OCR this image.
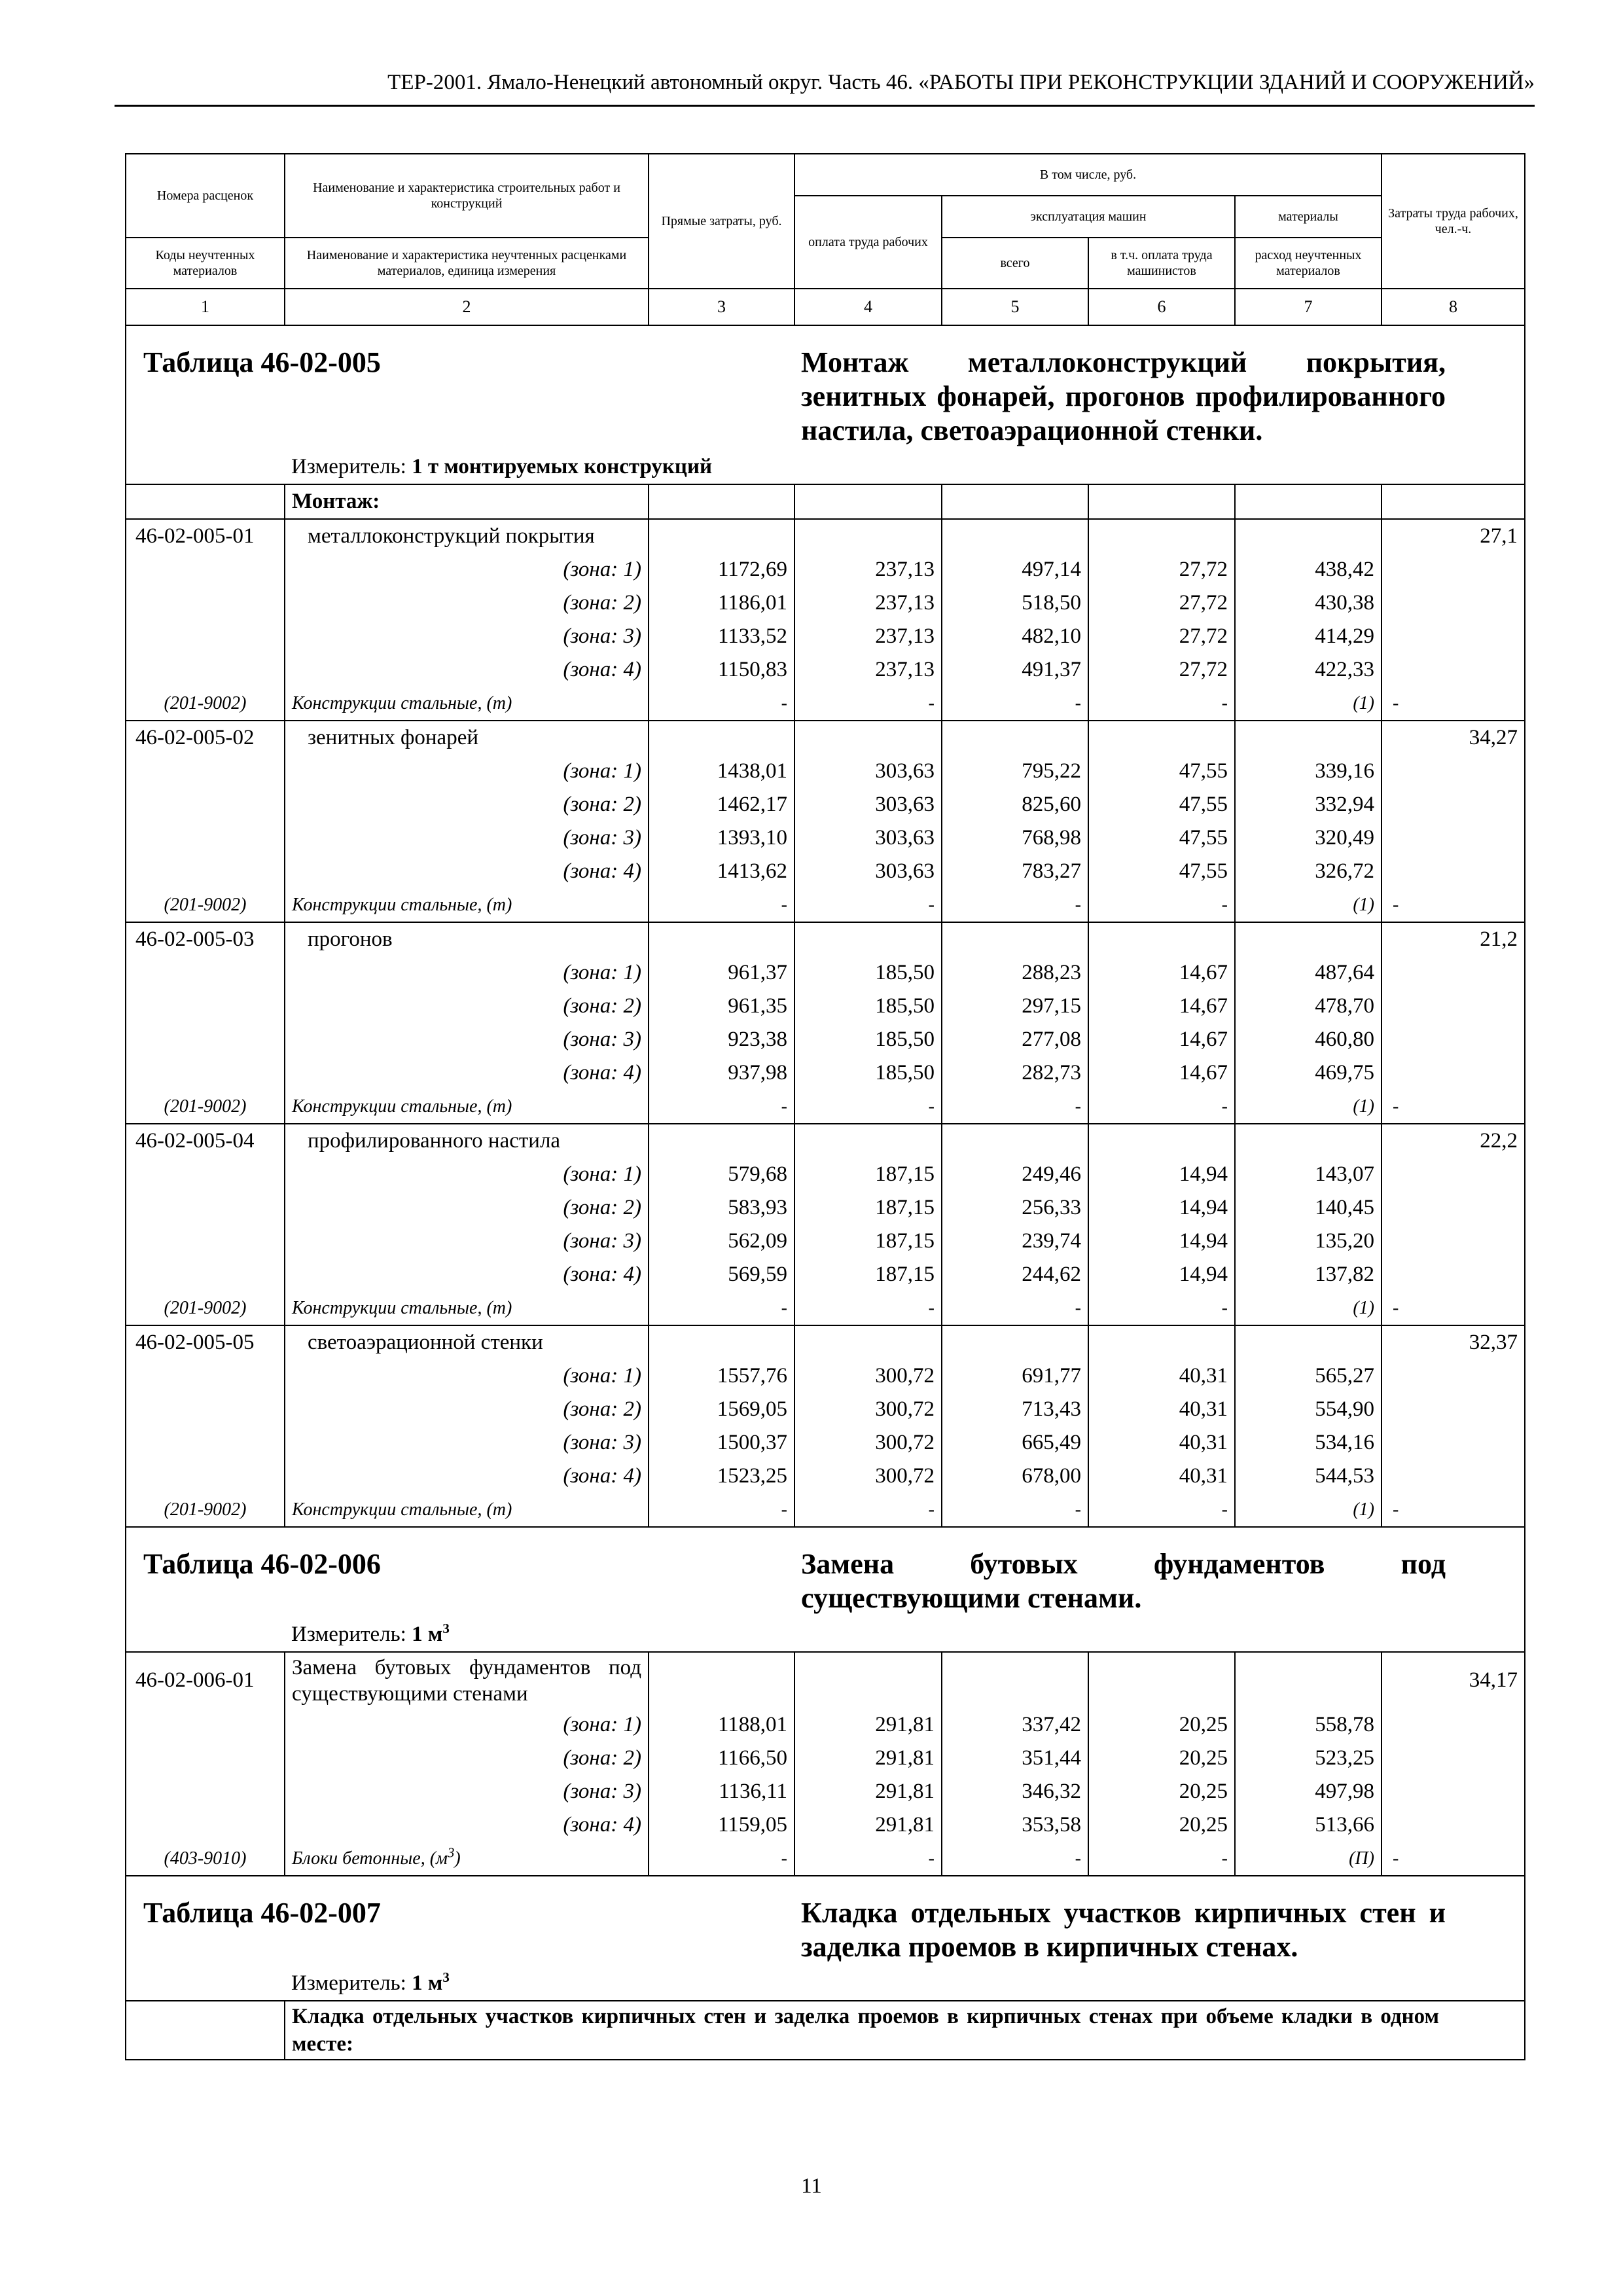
ТЕР-2001. Ямало-Ненецкий автономный округ. Часть 46. «РАБОТЫ ПРИ РЕКОНСТРУКЦИИ ЗДАНИЙ И СООРУЖЕНИЙ»
Номера расценок	Наименование и характеристика строительных работ и конструкций	Прямые затраты, руб.	В том числе, руб.				Затраты труда рабочих, чел.-ч.
			оплата труда рабочих	эксплуатация машин		материалы	
Коды неучтенных материалов	Наименование и характеристика неучтенных расценками материалов, единица измерения			всего	в т.ч. оплата труда машинистов	расход неучтенных материалов	
1	2	3	4	5	6	7	8
Таблица 46-02-005			Монтаж металлоконструкций покрытия, зенитных фонарей, прогонов профилированного настила, светоаэрационной стенки.				
	Измеритель: 1 т монтируемых конструкций						
	Монтаж:						
46-02-005-01	металлоконструкций покрытия						27,1
	(зона: 1)	1172,69	237,13	497,14	27,72	438,42	
	(зона: 2)	1186,01	237,13	518,50	27,72	430,38	
	(зона: 3)	1133,52	237,13	482,10	27,72	414,29	
	(зона: 4)	1150,83	237,13	491,37	27,72	422,33	
(201-9002)	Конструкции стальные, (т)	-	-	-	-	(1)	-
46-02-005-02	зенитных фонарей						34,27
	(зона: 1)	1438,01	303,63	795,22	47,55	339,16	
	(зона: 2)	1462,17	303,63	825,60	47,55	332,94	
	(зона: 3)	1393,10	303,63	768,98	47,55	320,49	
	(зона: 4)	1413,62	303,63	783,27	47,55	326,72	
(201-9002)	Конструкции стальные, (т)	-	-	-	-	(1)	-
46-02-005-03	прогонов						21,2
	(зона: 1)	961,37	185,50	288,23	14,67	487,64	
	(зона: 2)	961,35	185,50	297,15	14,67	478,70	
	(зона: 3)	923,38	185,50	277,08	14,67	460,80	
	(зона: 4)	937,98	185,50	282,73	14,67	469,75	
(201-9002)	Конструкции стальные, (т)	-	-	-	-	(1)	-
46-02-005-04	профилированного настила						22,2
	(зона: 1)	579,68	187,15	249,46	14,94	143,07	
	(зона: 2)	583,93	187,15	256,33	14,94	140,45	
	(зона: 3)	562,09	187,15	239,74	14,94	135,20	
	(зона: 4)	569,59	187,15	244,62	14,94	137,82	
(201-9002)	Конструкции стальные, (т)	-	-	-	-	(1)	-
46-02-005-05	светоаэрационной стенки						32,37
	(зона: 1)	1557,76	300,72	691,77	40,31	565,27	
	(зона: 2)	1569,05	300,72	713,43	40,31	554,90	
	(зона: 3)	1500,37	300,72	665,49	40,31	534,16	
	(зона: 4)	1523,25	300,72	678,00	40,31	544,53	
(201-9002)	Конструкции стальные, (т)	-	-	-	-	(1)	-
Таблица 46-02-006			Замена бутовых фундаментов под существующими стенами.				
	Измеритель: 1 $м^3$
46-02-006-01	Замена бутовых фундаментов под существующими стенами						34,17
	(зона: 1)	1188,01	291,81	337,42	20,25	558,78	
	(зона: 2)	1166,50	291,81	351,44	20,25	523,25	
	(зона: 3)	1136,11	291,81	346,32	20,25	497,98	
	(зона: 4)	1159,05	291,81	353,58	20,25	513,66	
(403-9010)	Блоки бетонные, $(м^3)$	-	-	-	-	(П)	-
Таблица 46-02-007			Кладка отдельных участков кирпичных стен и заделка проемов в кирпичных стенах.				
	Измеритель: 1 $м^3$
	Кладка отдельных участков кирпичных стен и заделка проемов в кирпичных стенах при объеме кладки в одном месте:						
11
